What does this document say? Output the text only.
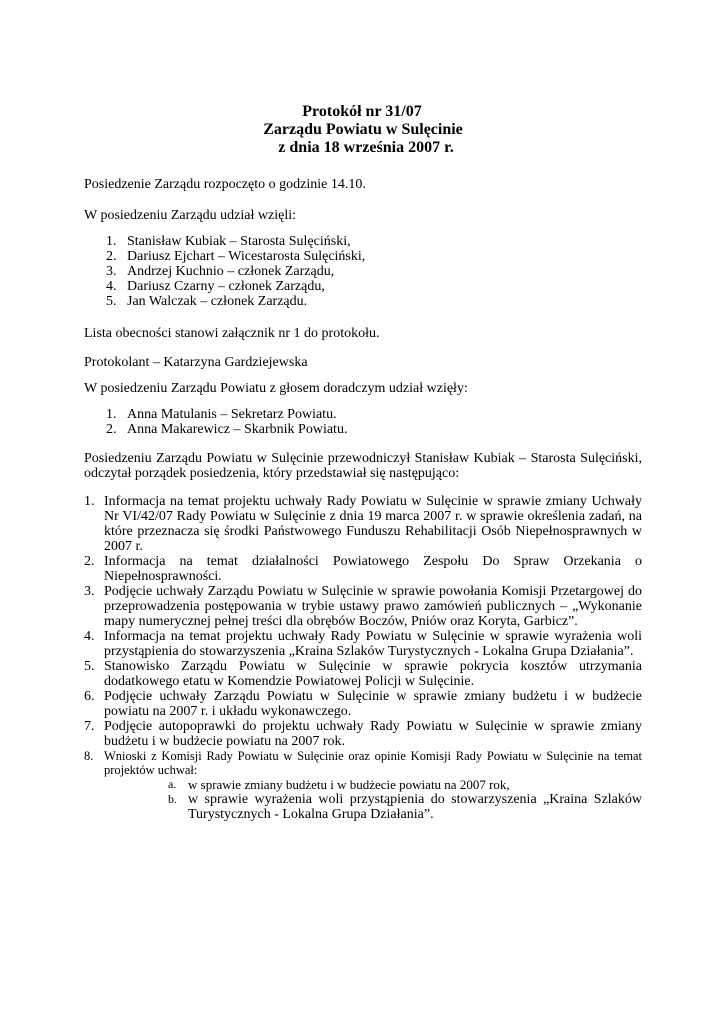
Protokół nr 31/07
Zarządu Powiatu w Sulęcinie
z dnia 18 września 2007 r.

Posiedzenie Zarządu rozpoczęto o godzinie 14.10.

W posiedzeniu Zarządu udział wzięli:

1. Stanisław Kubiak – Starosta Sulęciński,
2. Dariusz Ejchart – Wicestarosta Sulęciński,
3. Andrzej Kuchnio – członek Zarządu,
4. Dariusz Czarny – członek Zarządu,
5. Jan Walczak – członek Zarządu.

Lista obecności stanowi załącznik nr 1 do protokołu.

Protokolant – Katarzyna Gardziejewska

W posiedzeniu Zarządu Powiatu z głosem doradczym udział wzięły:

1. Anna Matulanis – Sekretarz Powiatu.
2. Anna Makarewicz – Skarbnik Powiatu.

Posiedzeniu Zarządu Powiatu w Sulęcinie przewodniczył Stanisław Kubiak – Starosta Sulęciński, odczytał porządek posiedzenia, który przedstawiał się następująco:

1. Informacja na temat projektu uchwały Rady Powiatu w Sulęcinie w sprawie zmiany Uchwały Nr VI/42/07 Rady Powiatu w Sulęcinie z dnia 19 marca 2007 r. w sprawie określenia zadań, na które przeznacza się środki Państwowego Funduszu Rehabilitacji Osób Niepełnosprawnych w 2007 r.
2. Informacja na temat działalności Powiatowego Zespołu Do Spraw Orzekania o Niepełnosprawności.
3. Podjęcie uchwały Zarządu Powiatu w Sulęcinie w sprawie powołania Komisji Przetargowej do przeprowadzenia postępowania w trybie ustawy prawo zamówień publicznych – „Wykonanie mapy numerycznej pełnej treści dla obrębów Boczów, Pniów oraz Koryta, Garbicz”.
4. Informacja na temat projektu uchwały Rady Powiatu w Sulęcinie w sprawie wyrażenia woli przystąpienia do stowarzyszenia „Kraina Szlaków Turystycznych - Lokalna Grupa Działania”.
5. Stanowisko Zarządu Powiatu w Sulęcinie w sprawie pokrycia kosztów utrzymania dodatkowego etatu w Komendzie Powiatowej Policji w Sulęcinie.
6. Podjęcie uchwały Zarządu Powiatu w Sulęcinie w sprawie zmiany budżetu i w budżecie powiatu na 2007 r. i układu wykonawczego.
7. Podjęcie autopoprawki do projektu uchwały Rady Powiatu w Sulęcinie w sprawie zmiany budżetu i w budżecie powiatu na 2007 rok.
8. Wnioski z Komisji Rady Powiatu w Sulęcinie oraz opinie Komisji Rady Powiatu w Sulęcinie na temat projektów uchwał:
a. w sprawie zmiany budżetu i w budżecie powiatu na 2007 rok,
b. w sprawie wyrażenia woli przystąpienia do stowarzyszenia „Kraina Szlaków Turystycznych - Lokalna Grupa Działania”.
